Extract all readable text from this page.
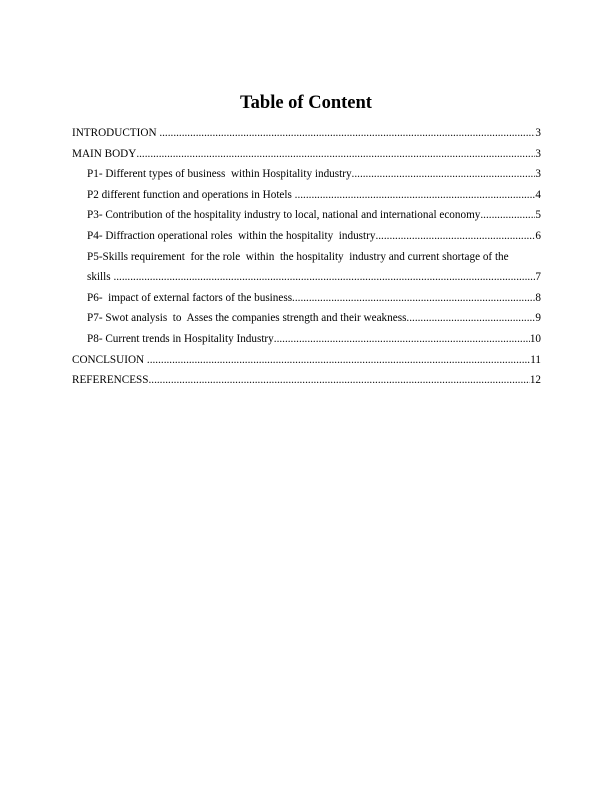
Table of Content
INTRODUCTION .....	3
MAIN BODY .....	3
P1- Different types of business  within Hospitality industry .....	3
P2 different function and operations in Hotels .....	4
P3- Contribution of the hospitality industry to local, national and international economy .....	5
P4- Diffraction operational roles  within the hospitality  industry .....	6
P5-Skills requirement  for the role  within  the hospitality  industry and current shortage of the
skills .....	7
P6-  impact of external factors of the business .....	8
P7- Swot analysis  to  Asses the companies strength and their weakness .....	9
P8- Current trends in Hospitality Industry .....	10
CONCLSUION .....	11
REFERENCESS .....	12
